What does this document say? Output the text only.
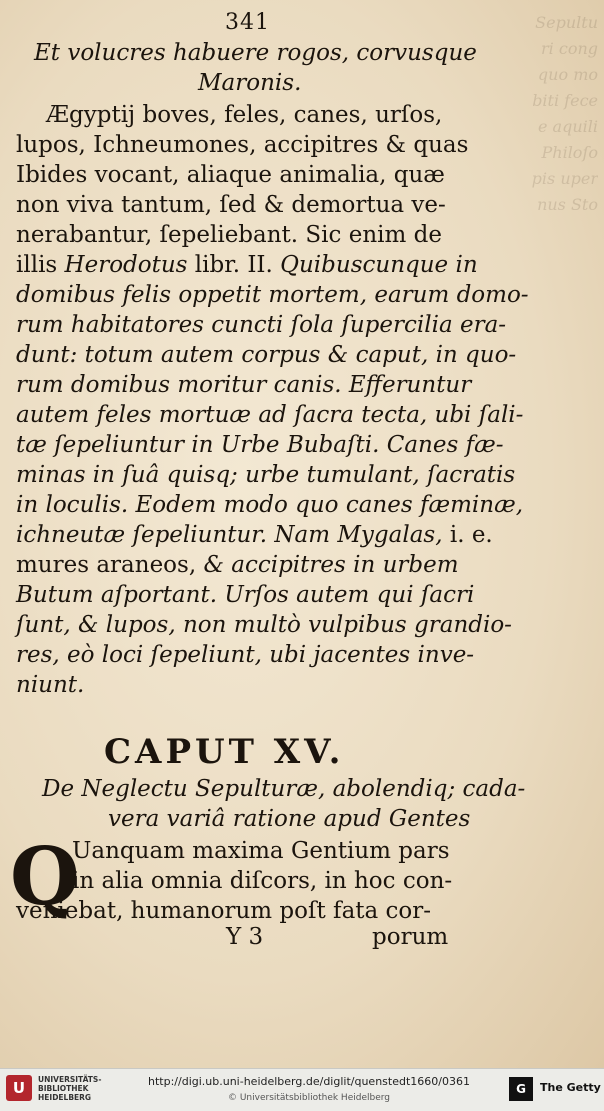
Sepultu
ri cong
quo mo
biti fece
e aquili
Philoſo
pis uper
nus Sto
341
Et volucres habuere rogos, corvusque
Maronis.
Ægyptij boves, feles, canes, urſos,
lupos, Ichneumones, accipitres & quas
Ibides vocant, aliaque animalia, quæ
non viva tantum, ſed & demortua ve-
nerabantur, ſepeliebant. Sic enim de
illis Herodotus libr. II. Quibuscunque in
domibus felis oppetit mortem, earum domo-
rum habitatores cuncti ſola ſupercilia era-
dunt: totum autem corpus & caput, in quo-
rum domibus moritur canis. Efferuntur
autem feles mortuæ ad ſacra tecta, ubi ſali-
tæ ſepeliuntur in Urbe Bubaſti. Canes fæ-
minas in ſuâ quisq; urbe tumulant, ſacratis
in loculis. Eodem modo quo canes fæminæ,
ichneutæ ſepeliuntur. Nam Mygalas, i. e.
mures araneos, & accipitres in urbem
Butum aſportant. Urſos autem qui ſacri
ſunt, & lupos, non multò vulpibus grandio-
res, eò loci ſepeliunt, ubi jacentes inve-
niunt.
CAPUT XV.
De Neglectu Sepulturæ, abolendiq; cada-
vera variâ ratione apud Gentes
Q
Uanquam maxima Gentium pars
in alia omnia diſcors, in hoc con-
veniebat, humanorum poſt fata cor-
Y 3	porum
U	UNIVERSITÄTS-
BIBLIOTHEK
HEIDELBERG
http://digi.ub.uni-heidelberg.de/diglit/quenstedt1660/0361
© Universitätsbibliothek Heidelberg
G	The Getty
